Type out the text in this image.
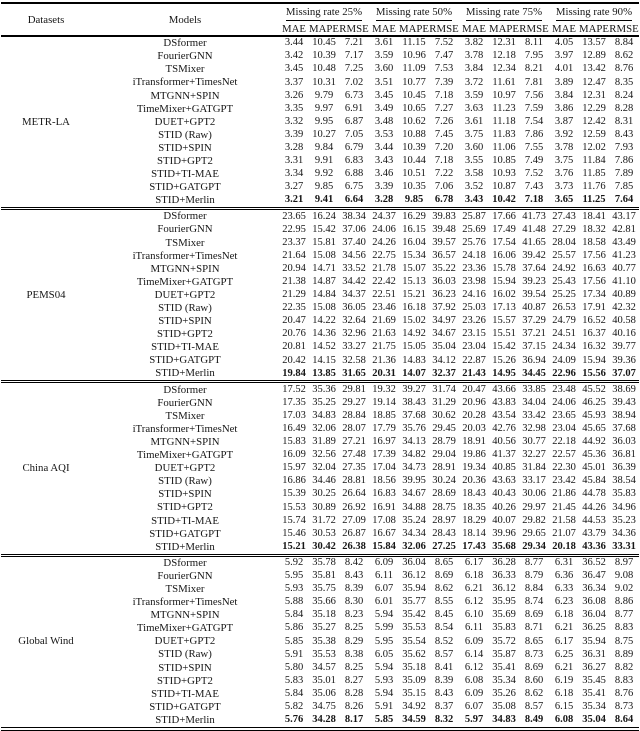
Datasets	Models	Missing rate 25%			Missing rate 50%			Missing rate 75%			Missing rate 90%		
		MAE	MAPE	RMSE	MAE	MAPE	RMSE	MAE	MAPE	RMSE	MAE	MAPE	RMSE
METR-LA	DSformer	3.44	10.45	7.21	3.61	11.15	7.52	3.82	12.31	8.11	4.05	13.57	8.84
	FourierGNN	3.42	10.39	7.17	3.59	10.96	7.47	3.78	12.18	7.95	3.97	12.89	8.62
	TSMixer	3.45	10.48	7.25	3.60	11.09	7.53	3.84	12.34	8.21	4.01	13.42	8.76
	iTransformer+TimesNet	3.37	10.31	7.02	3.51	10.77	7.39	3.72	11.61	7.81	3.89	12.47	8.35
	MTGNN+SPIN	3.26	9.79	6.73	3.45	10.45	7.18	3.59	10.97	7.56	3.84	12.31	8.24
	TimeMixer+GATGPT	3.35	9.97	6.91	3.49	10.65	7.27	3.63	11.23	7.59	3.86	12.29	8.28
	DUET+GPT2	3.32	9.95	6.87	3.48	10.62	7.26	3.61	11.18	7.54	3.87	12.42	8.31
	STID (Raw)	3.39	10.27	7.05	3.53	10.88	7.45	3.75	11.83	7.86	3.92	12.59	8.43
	STID+SPIN	3.28	9.84	6.79	3.44	10.39	7.20	3.60	11.06	7.55	3.78	12.02	7.93
	STID+GPT2	3.31	9.91	6.83	3.43	10.44	7.18	3.55	10.85	7.49	3.75	11.84	7.86
	STID+TI-MAE	3.34	9.92	6.88	3.46	10.51	7.22	3.58	10.93	7.52	3.76	11.85	7.89
	STID+GATGPT	3.27	9.85	6.75	3.39	10.35	7.06	3.52	10.87	7.43	3.73	11.76	7.85
	STID+Merlin	3.21	9.41	6.64	3.28	9.85	6.78	3.43	10.42	7.18	3.65	11.25	7.64
PEMS04	DSformer	23.65	16.24	38.34	24.37	16.29	39.83	25.87	17.66	41.73	27.43	18.41	43.17
	FourierGNN	22.95	15.42	37.06	24.06	16.15	39.48	25.69	17.49	41.48	27.29	18.32	42.81
	TSMixer	23.37	15.81	37.40	24.26	16.04	39.57	25.76	17.54	41.65	28.04	18.58	43.49
	iTransformer+TimesNet	21.64	15.08	34.56	22.75	15.34	36.57	24.18	16.06	39.42	25.57	17.56	41.23
	MTGNN+SPIN	20.94	14.71	33.52	21.78	15.07	35.22	23.36	15.78	37.64	24.92	16.63	40.77
	TimeMixer+GATGPT	21.38	14.87	34.42	22.42	15.13	36.03	23.98	15.94	39.23	25.43	17.56	41.10
	DUET+GPT2	21.29	14.84	34.37	22.51	15.21	36.23	24.16	16.02	39.54	25.25	17.34	40.89
	STID (Raw)	22.35	15.08	36.05	23.46	16.18	37.92	25.03	17.13	40.87	26.53	17.91	42.32
	STID+SPIN	20.47	14.22	32.64	21.69	15.02	34.97	23.26	15.57	37.29	24.79	16.52	40.58
	STID+GPT2	20.76	14.36	32.96	21.63	14.92	34.67	23.15	15.51	37.21	24.51	16.37	40.16
	STID+TI-MAE	20.81	14.52	33.27	21.75	15.05	35.04	23.04	15.42	37.15	24.34	16.32	39.77
	STID+GATGPT	20.42	14.15	32.58	21.36	14.83	34.12	22.87	15.26	36.94	24.09	15.94	39.36
	STID+Merlin	19.84	13.85	31.65	20.31	14.07	32.37	21.43	14.95	34.45	22.96	15.56	37.07
China AQI	DSformer	17.52	35.36	29.81	19.32	39.27	31.74	20.47	43.66	33.85	23.48	45.52	38.69
	FourierGNN	17.35	35.25	29.27	19.14	38.43	31.29	20.96	43.83	34.04	24.06	46.25	39.43
	TSMixer	17.03	34.83	28.84	18.85	37.68	30.62	20.28	43.54	33.42	23.65	45.93	38.94
	iTransformer+TimesNet	16.49	32.06	28.07	17.79	35.76	29.45	20.03	42.76	32.98	23.04	45.65	37.68
	MTGNN+SPIN	15.83	31.89	27.21	16.97	34.13	28.79	18.91	40.56	30.77	22.18	44.92	36.03
	TimeMixer+GATGPT	16.09	32.56	27.48	17.39	34.82	29.04	19.86	41.37	32.27	22.57	45.36	36.81
	DUET+GPT2	15.97	32.04	27.35	17.04	34.73	28.91	19.34	40.85	31.84	22.30	45.01	36.39
	STID (Raw)	16.86	34.46	28.81	18.56	39.95	30.24	20.36	43.63	33.17	23.42	45.84	38.54
	STID+SPIN	15.39	30.25	26.64	16.83	34.67	28.69	18.43	40.43	30.06	21.86	44.78	35.83
	STID+GPT2	15.53	30.89	26.92	16.91	34.88	28.75	18.35	40.26	29.97	21.45	44.26	34.96
	STID+TI-MAE	15.74	31.72	27.09	17.08	35.24	28.97	18.29	40.07	29.82	21.58	44.53	35.23
	STID+GATGPT	15.46	30.53	26.87	16.67	34.34	28.43	18.14	39.96	29.65	21.07	43.79	34.36
	STID+Merlin	15.21	30.42	26.38	15.84	32.06	27.25	17.43	35.68	29.34	20.18	43.36	33.31
Global Wind	DSformer	5.92	35.78	8.42	6.09	36.04	8.65	6.17	36.28	8.77	6.31	36.52	8.97
	FourierGNN	5.95	35.81	8.43	6.11	36.12	8.69	6.18	36.33	8.79	6.36	36.47	9.08
	TSMixer	5.93	35.75	8.39	6.07	35.94	8.62	6.21	36.12	8.84	6.33	36.34	9.02
	iTransformer+TimesNet	5.88	35.66	8.30	6.01	35.77	8.55	6.12	35.95	8.74	6.23	36.08	8.86
	MTGNN+SPIN	5.84	35.18	8.23	5.94	35.42	8.45	6.10	35.69	8.69	6.18	36.04	8.77
	TimeMixer+GATGPT	5.86	35.27	8.25	5.99	35.53	8.54	6.11	35.83	8.71	6.21	36.25	8.83
	DUET+GPT2	5.85	35.38	8.29	5.95	35.54	8.52	6.09	35.72	8.65	6.17	35.94	8.75
	STID (Raw)	5.91	35.53	8.38	6.05	35.62	8.57	6.14	35.87	8.73	6.25	36.31	8.89
	STID+SPIN	5.80	34.57	8.25	5.94	35.18	8.41	6.12	35.41	8.69	6.21	36.27	8.82
	STID+GPT2	5.83	35.01	8.27	5.93	35.09	8.39	6.08	35.34	8.60	6.19	35.45	8.83
	STID+TI-MAE	5.84	35.06	8.28	5.94	35.15	8.43	6.09	35.26	8.62	6.18	35.41	8.76
	STID+GATGPT	5.82	34.75	8.26	5.91	34.92	8.37	6.07	35.08	8.57	6.15	35.34	8.73
	STID+Merlin	5.76	34.28	8.17	5.85	34.59	8.32	5.97	34.83	8.49	6.08	35.04	8.64
